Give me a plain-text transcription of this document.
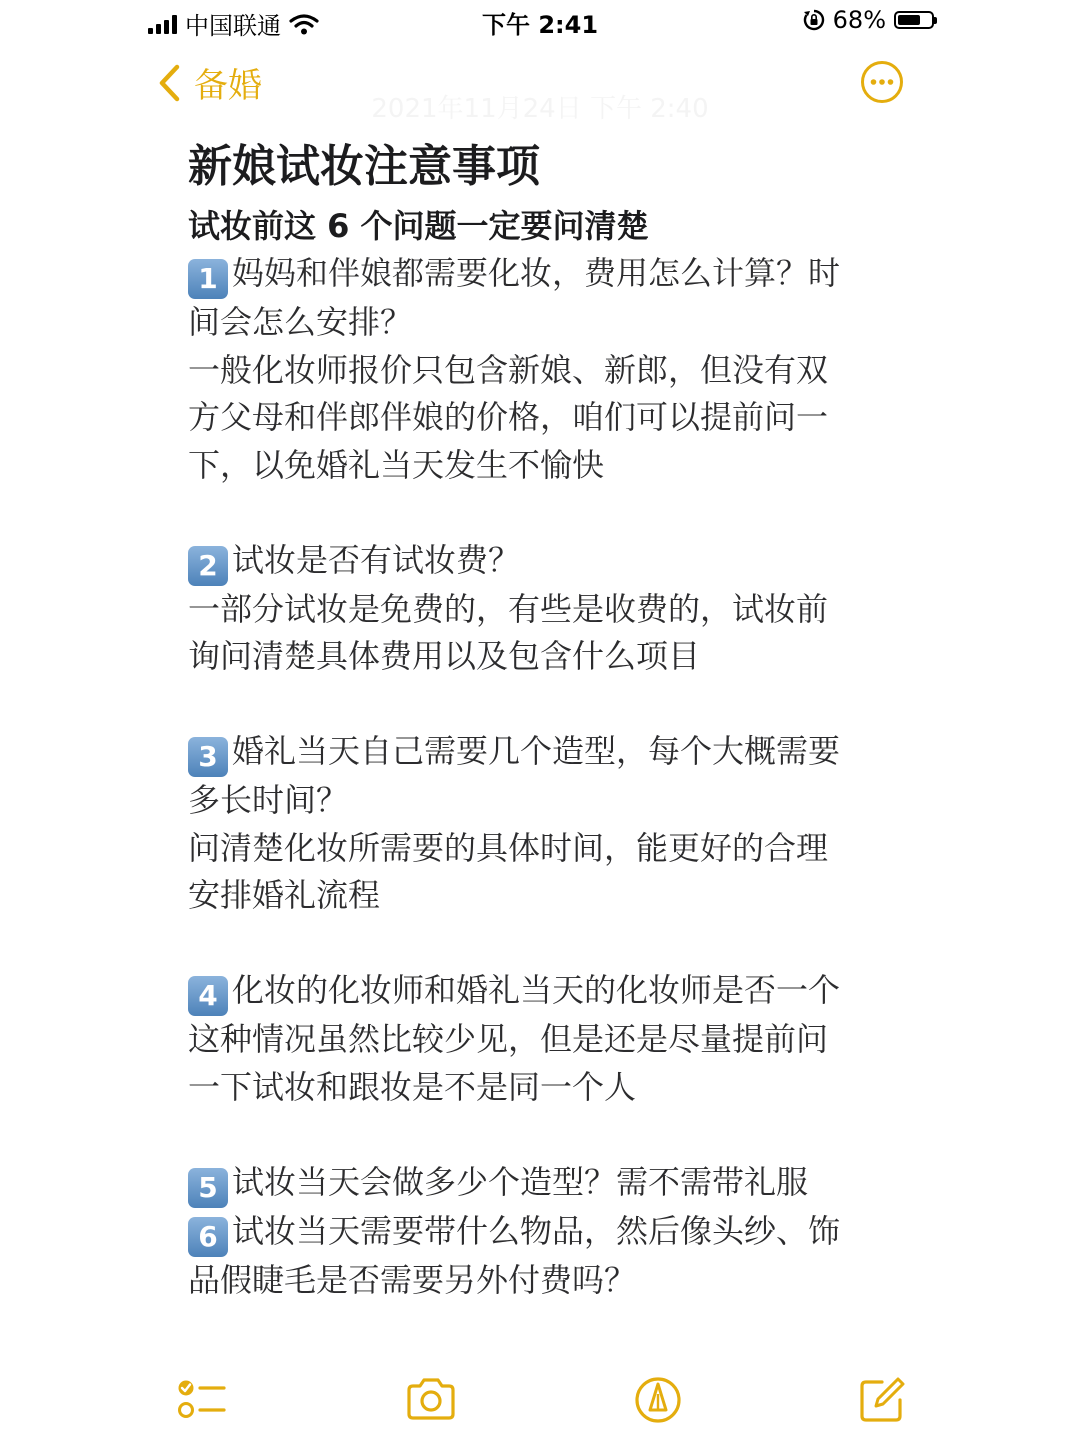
中国联通	下午 2:41	68%
备婚
2021年11月24日 下午 2:40
新娘试妆注意事项

试妆前这 6 个问题一定要问清楚

1 妈妈和伴娘都需要化妆，费用怎么计算？时

间会怎么安排？

一般化妆师报价只包含新娘、新郎，但没有双

方父母和伴郎伴娘的价格，咱们可以提前问一

下，以免婚礼当天发生不愉快

2 试妆是否有试妆费？

一部分试妆是免费的，有些是收费的，试妆前

询问清楚具体费用以及包含什么项目

3 婚礼当天自己需要几个造型，每个大概需要

多长时间？

问清楚化妆所需要的具体时间，能更好的合理

安排婚礼流程

4 化妆的化妆师和婚礼当天的化妆师是否一个

这种情况虽然比较少见，但是还是尽量提前问

一下试妆和跟妆是不是同一个人

5 试妆当天会做多少个造型？需不需带礼服

6 试妆当天需要带什么物品，然后像头纱、饰

品假睫毛是否需要另外付费吗？
